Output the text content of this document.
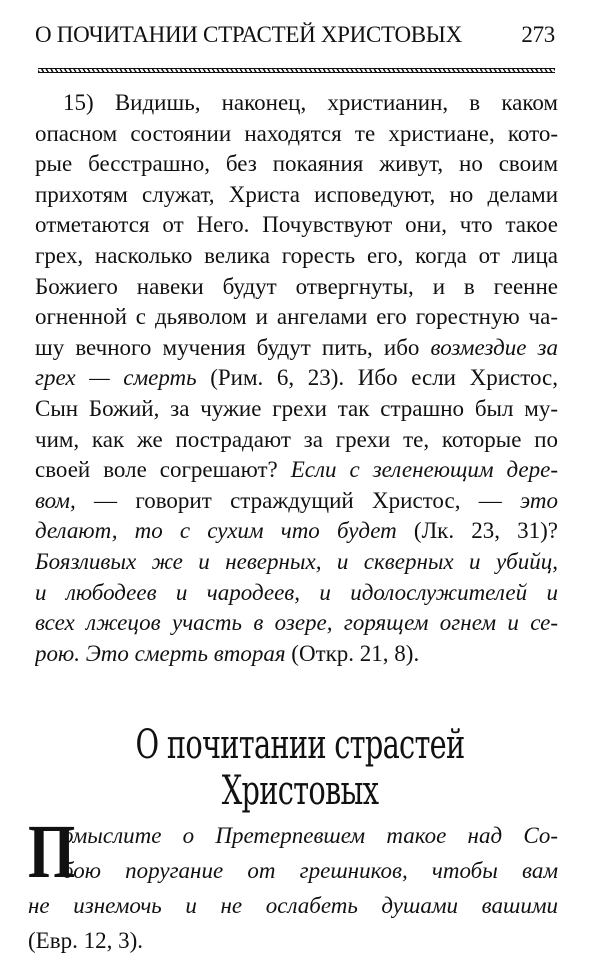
О ПОЧИТАНИИ СТРАСТЕЙ ХРИСТОВЫХ	273
15) Видишь, наконец, христианин, в каком
опасном состоянии находятся те христиане, кото-
рые бесстрашно, без покаяния живут, но своим
прихотям служат, Христа исповедуют, но делами
отметаются от Него. Почувствуют они, что такое
грех, насколько велика горесть его, когда от лица
Божиего навеки будут отвергнуты, и в геенне
огненной с дьяволом и ангелами его горестную ча-
шу вечного мучения будут пить, ибо возмездие за
грех — смерть (Рим. 6, 23). Ибо если Христос,
Сын Божий, за чужие грехи так страшно был му-
чим, как же пострадают за грехи те, которые по
своей воле согрешают? Если с зеленеющим дере-
вом, — говорит страждущий Христос, — это
делают, то с сухим что будет (Лк. 23, 31)?
Боязливых же и неверных, и скверных и убийц,
и любодеев и чародеев, и идолослужителей и
всех лжецов участь в озере, горящем огнем и се-
рою. Это смерть вторая (Откр. 21, 8).
О почитании страстей
Христовых
П
омыслите о Претерпевшем такое над Со-
бою поругание от грешников, чтобы вам
не изнемочь и не ослабеть душами вашими
(Евр. 12, 3).
